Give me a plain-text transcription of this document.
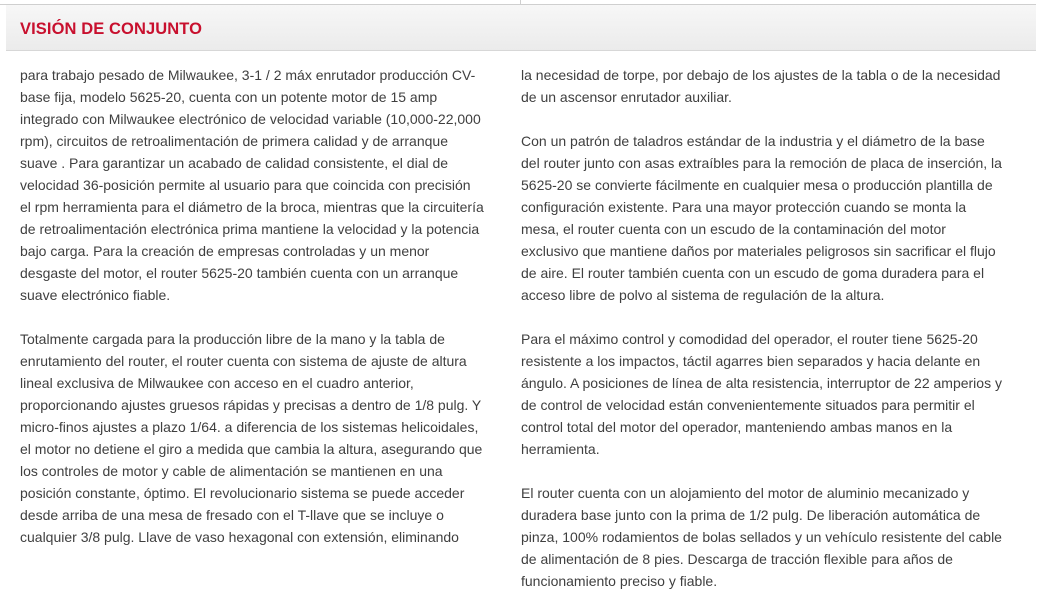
VISIÓN DE CONJUNTO

para trabajo pesado de Milwaukee, 3-1 / 2 máx enrutador producción CV-
base fija, modelo 5625-20, cuenta con un potente motor de 15 amp
integrado con Milwaukee electrónico de velocidad variable (10,000-22,000
rpm), circuitos de retroalimentación de primera calidad y de arranque
suave . Para garantizar un acabado de calidad consistente, el dial de
velocidad 36-posición permite al usuario para que coincida con precisión
el rpm herramienta para el diámetro de la broca, mientras que la circuitería
de retroalimentación electrónica prima mantiene la velocidad y la potencia
bajo carga. Para la creación de empresas controladas y un menor
desgaste del motor, el router 5625-20 también cuenta con un arranque
suave electrónico fiable.

Totalmente cargada para la producción libre de la mano y la tabla de
enrutamiento del router, el router cuenta con sistema de ajuste de altura
lineal exclusiva de Milwaukee con acceso en el cuadro anterior,
proporcionando ajustes gruesos rápidas y precisas a dentro de 1/8 pulg. Y
micro-finos ajustes a plazo 1/64. a diferencia de los sistemas helicoidales,
el motor no detiene el giro a medida que cambia la altura, asegurando que
los controles de motor y cable de alimentación se mantienen en una
posición constante, óptimo. El revolucionario sistema se puede acceder
desde arriba de una mesa de fresado con el T-llave que se incluye o
cualquier 3/8 pulg. Llave de vaso hexagonal con extensión, eliminando

la necesidad de torpe, por debajo de los ajustes de la tabla o de la necesidad
de un ascensor enrutador auxiliar.

Con un patrón de taladros estándar de la industria y el diámetro de la base
del router junto con asas extraíbles para la remoción de placa de inserción, la
5625-20 se convierte fácilmente en cualquier mesa o producción plantilla de
configuración existente. Para una mayor protección cuando se monta la
mesa, el router cuenta con un escudo de la contaminación del motor
exclusivo que mantiene daños por materiales peligrosos sin sacrificar el flujo
de aire. El router también cuenta con un escudo de goma duradera para el
acceso libre de polvo al sistema de regulación de la altura.

Para el máximo control y comodidad del operador, el router tiene 5625-20
resistente a los impactos, táctil agarres bien separados y hacia delante en
ángulo. A posiciones de línea de alta resistencia, interruptor de 22 amperios y
de control de velocidad están convenientemente situados para permitir el
control total del motor del operador, manteniendo ambas manos en la
herramienta.

El router cuenta con un alojamiento del motor de aluminio mecanizado y
duradera base junto con la prima de 1/2 pulg. De liberación automática de
pinza, 100% rodamientos de bolas sellados y un vehículo resistente del cable
de alimentación de 8 pies. Descarga de tracción flexible para años de
funcionamiento preciso y fiable.
